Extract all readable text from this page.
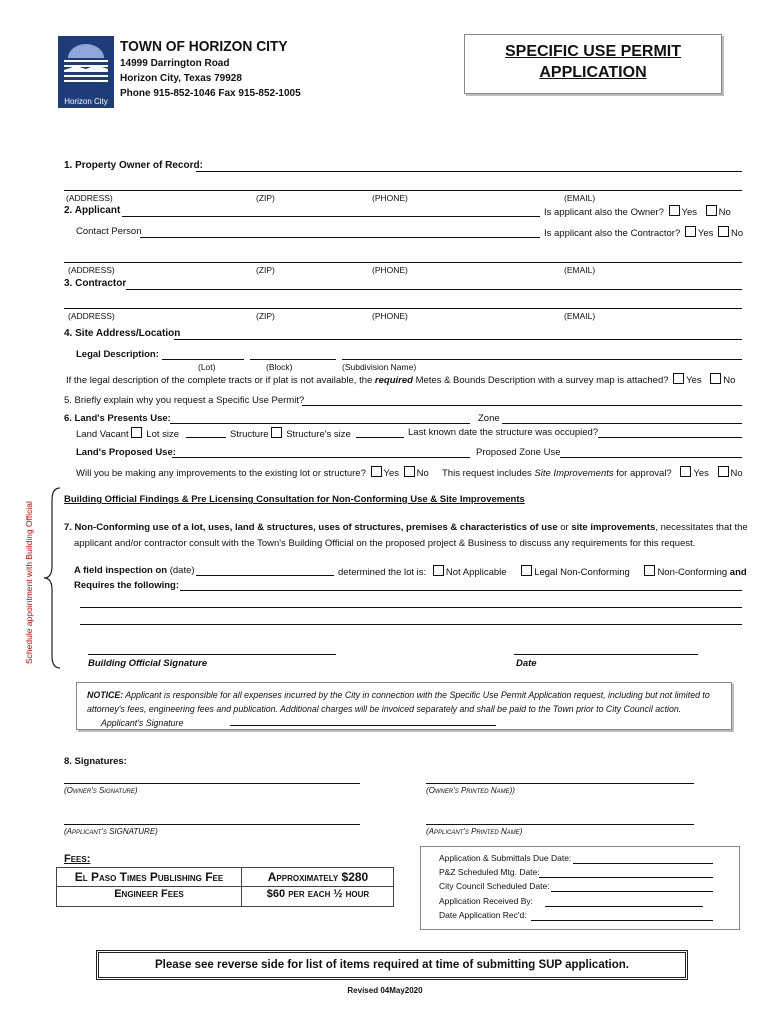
Horizon City
TOWN OF HORIZON CITY
14999 Darrington Road
Horizon City, Texas 79928
Phone 915-852-1046 Fax 915-852-1005
SPECIFIC USE PERMIT
APPLICATION
1. Property Owner of Record:
(ADDRESS)	(ZIP)	(PHONE)	(EMAIL)
2. Applicant	Is applicant also the Owner? Yes No
Contact Person	Is applicant also the Contractor? Yes No
(ADDRESS)	(ZIP)	(PHONE)	(EMAIL)
3. Contractor
(ADDRESS)	(ZIP)	(PHONE)	(EMAIL)
4. Site Address/Location
Legal Description:
(Lot)	(Block)	(Subdivision Name)
If the legal description of the complete tracts or if plat is not available, the required Metes & Bounds Description with a survey map is attached? Yes No
5. Briefly explain why you request a Specific Use Permit?
6. Land's Presents Use:	Zone
Land Vacant Lot size	Structure Structure's size	Last known date the structure was occupied?
Land's Proposed Use:	Proposed Zone Use
Will you be making any improvements to the existing lot or structure? Yes No This request includes Site Improvements for approval? Yes No
Building Official Findings & Pre Licensing Consultation for Non-Conforming Use & Site Improvements
Schedule appointment with Building Official	7. Non-Conforming use of a lot, uses, land & structures, uses of structures, premises & characteristics of use or site improvements, necessitates that the
applicant and/or contractor consult with the Town's Building Official on the proposed project & Business to discuss any requirements for this request.
A field inspection on (date)	determined the lot is: Not Applicable	Legal Non-Conforming	Non-Conforming and
Requires the following:
Building Official Signature	Date
NOTICE: Applicant is responsible for all expenses incurred by the City in connection with the Specific Use Permit Application request, including but not limited to attorney's fees, engineering fees and publication. Additional charges will be invoiced separately and shall be paid to the Town prior to City Council action. Applicant's Signature
8. Signatures:
(Owner's Signature)	(Owner's Printed Name))
(Applicant's SIGNATURE)	(Applicant's Printed Name)
Fees:
El Paso Times Publishing Fee	Approximately $280
Engineer Fees	$60 per each ½ hour
Application & Submittals Due Date:
P&Z Scheduled Mtg. Date:
City Council Scheduled Date:
Application Received By:
Date Application Rec'd:
Please see reverse side for list of items required at time of submitting SUP application.
Revised 04May2020
